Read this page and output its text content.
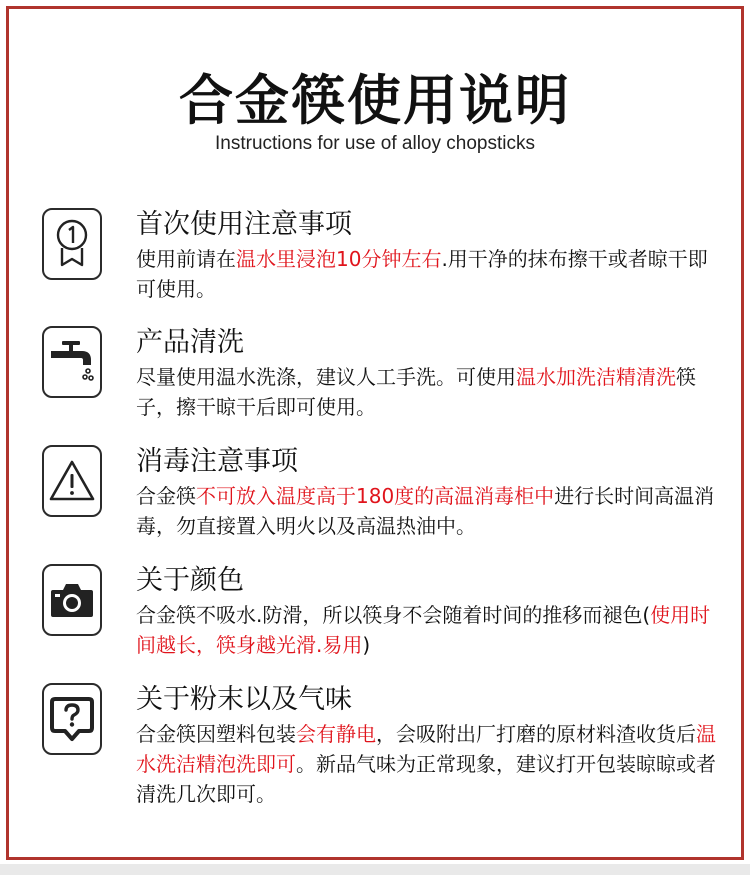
合金筷使用说明
Instructions for use of alloy chopsticks
首次使用注意事项
使用前请在温水里浸泡10分钟左右.用干净的抹布擦干或者晾干即可使用。
产品清洗
尽量使用温水洗涤，建议人工手洗。可使用温水加洗洁精清洗筷子，擦干晾干后即可使用。
消毒注意事项
合金筷不可放入温度高于180度的高温消毒柜中进行长时间高温消毒，勿直接置入明火以及高温热油中。
关于颜色
合金筷不吸水.防滑，所以筷身不会随着时间的推移而褪色(使用时间越长，筷身越光滑.易用)
关于粉末以及气味
合金筷因塑料包装会有静电，会吸附出厂打磨的原材料渣收货后温水洗洁精泡洗即可。新品气味为正常现象，建议打开包装晾晾或者清洗几次即可。
